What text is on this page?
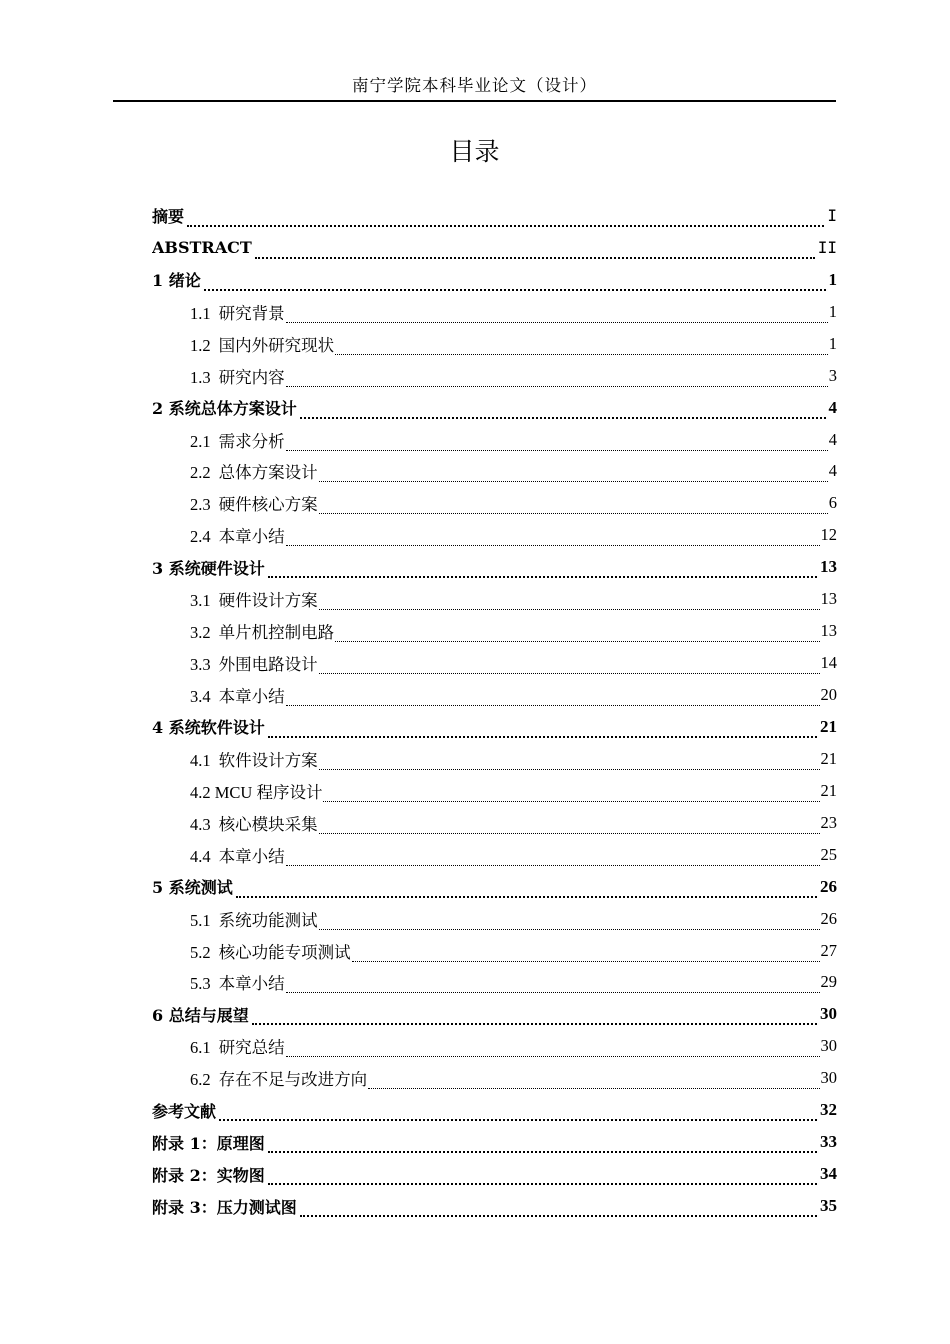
南宁学院本科毕业论文（设计）
目录
摘要	I
ABSTRACT	II
1 绪论	1
1.1 研究背景	1
1.2 国内外研究现状	1
1.3 研究内容	3
2 系统总体方案设计	4
2.1 需求分析	4
2.2 总体方案设计	4
2.3 硬件核心方案	6
2.4 本章小结	12
3 系统硬件设计	13
3.1 硬件设计方案	13
3.2 单片机控制电路	13
3.3 外围电路设计	14
3.4 本章小结	20
4 系统软件设计	21
4.1 软件设计方案	21
4.2 MCU 程序设计	21
4.3 核心模块采集	23
4.4 本章小结	25
5 系统测试	26
5.1 系统功能测试	26
5.2 核心功能专项测试	27
5.3 本章小结	29
6 总结与展望	30
6.1 研究总结	30
6.2 存在不足与改进方向	30
参考文献	32
附录 1：原理图	33
附录 2：实物图	34
附录 3：压力测试图	35
